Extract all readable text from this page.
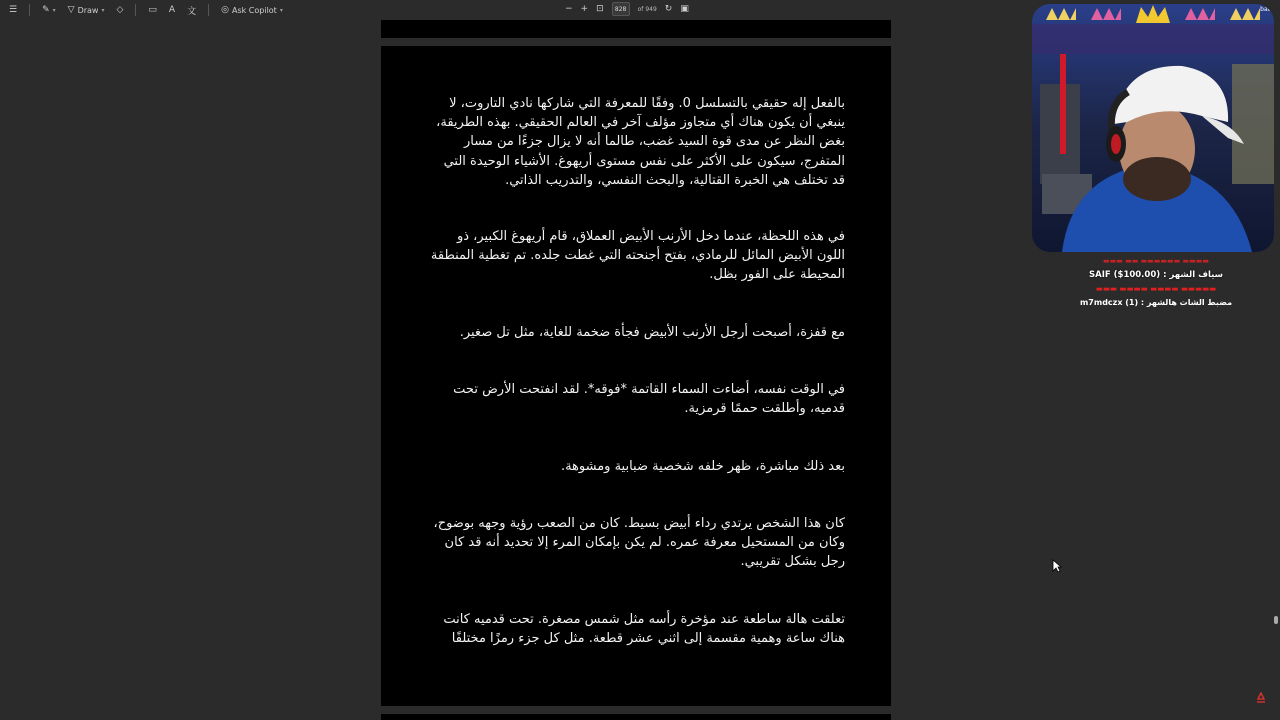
☰	✎ ▾ ▽ Draw ▾	◇	▭	A	文	◎ Ask Copilot ▾	− + ⊡	828	of 949 ↻ ▣
بالفعل إله حقيقي بالتسلسل 0. وفقًا للمعرفة التي شاركها نادي التاروت، لا ينبغي أن يكون هناك أي متجاوز مؤلف آخر في العالم الحقيقي. بهذه الطريقة، بغض النظر عن مدى قوة السيد غضب، طالما أنه لا يزال جزءًا من مسار المتفرج، سيكون على الأكثر على نفس مستوى أريهوغ. الأشياء الوحيدة التي قد تختلف هي الخبرة القتالية، والبحث النفسي، والتدريب الذاتي.
في هذه اللحظة، عندما دخل الأرنب الأبيض العملاق، قام أريهوغ الكبير، ذو اللون الأبيض المائل للرمادي، بفتح أجنحته التي غطت جلده. تم تغطية المنطقة المحيطة على الفور بظل.
مع قفزة، أصبحت أرجل الأرنب الأبيض فجأة ضخمة للغاية، مثل تل صغير.
في الوقت نفسه، أضاءت السماء القاتمة *فوقه*. لقد انفتحت الأرض تحت قدميه، وأطلقت حممًا قرمزية.
بعد ذلك مباشرة، ظهر خلفه شخصية ضبابية ومشوهة.
كان هذا الشخص يرتدي رداء أبيض بسيط. كان من الصعب رؤية وجهه بوضوح، وكان من المستحيل معرفة عمره. لم يكن بإمكان المرء إلا تحديد أنه قد كان رجل بشكل تقريبي.
تعلقت هالة ساطعة عند مؤخرة رأسه مثل شمس مصغرة. تحت قدميه كانت هناك ساعة وهمية مقسمة إلى اثني عشر قطعة. مثل كل جزء رمزًا مختلفًا
bat
▬▬▬▬ ▬▬▬▬▬▬ ▬▬ ▬▬▬
سياف الشهر : SAIF ($100.00)
▬▬▬▬▬ ▬▬▬▬ ▬▬▬▬ ▬▬▬
مضبط الشات هالشهر : m7mdczx (1)
